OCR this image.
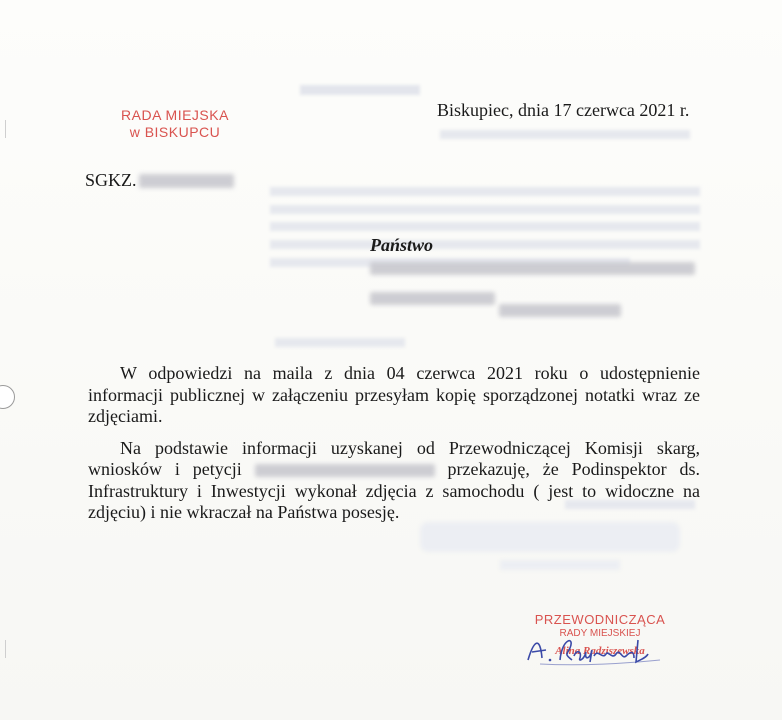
RADA MIEJSKA
w BISKUPCU
Biskupiec, dnia 17 czerwca 2021 r.
SGKZ.
Państwo

W odpowiedzi na maila z dnia 04 czerwca 2021 roku o udostępnienie informacji publicznej w załączeniu przesyłam kopię sporządzonej notatki wraz ze zdjęciami.

Na podstawie informacji uzyskanej od Przewodniczącej Komisji skarg, wniosków i petycji	przekazuję, że Podinspektor ds. Infrastruktury i Inwestycji wykonał zdjęcia z samochodu ( jest to widoczne na zdjęciu) i nie wkraczał na Państwa posesję.

PRZEWODNICZĄCA
RADY MIEJSKIEJ
Alina Radziszewska
